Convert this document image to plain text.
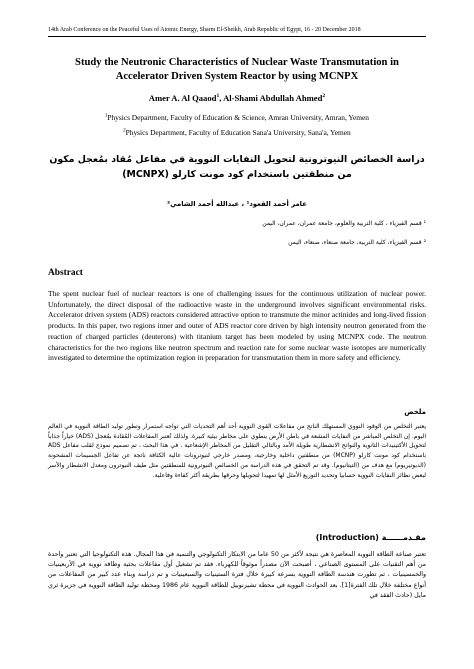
14th Arab Conference on the Peaceful Uses of Atomic Energy, Sharm El-Sheikh, Arab Republic of Egypt, 16 - 20 December 2018
Study the Neutronic Characteristics of Nuclear Waste Transmutation in Accelerator Driven System Reactor by using MCNPX
Amer A. Al Qaaod$^1$, Al-Shami Abdullah Ahmed$^2$
$^1$Physics Department, Faculty of Education & Science, Amran University, Amran, Yemen
$^2$Physics Department, Faculty of Education Sana'a University, Sana'a, Yemen
دراسة الخصائص النيوترونية لتحويل النفايات النووية في مفاعل مُقاد بمُعجل مكون من منطقتين باستخدام كود مونت كارلو (MCNPX)
عامر أحمد القعود¹ ، عبدالله أحمد الشامي²
¹ قسم الفيزياء ، كلية التربية والعلوم، جامعة عمران، عمران، اليمن
² قسم الفيزياء، كلية التربية، جامعة صنعاء، صنعاء، اليمن
Abstract
The spent nuclear fuel of nuclear reactors is one of challenging issues for the continuous utilization of nuclear power. Unfortunately, the direct disposal of the radioactive waste in the underground involves significant environmental risks. Accelerator driven system (ADS) reactors considered attractive option to transmute the minor actinides and long-lived fission products. In this paper, two regions inner and outer of ADS reactor core driven by high intensity neutron generated from the reaction of charged particles (deuterons) with titanium target has been modeled by using MCNPX code. The neutron characteristics for the two regions like neutron spectrum and reaction rate for some nuclear waste isotopes are numerically investigated to determine the optimization region in preparation for transmutation them in more safety and efficiency.
ملخص
يعتبر التخلص من الوقود النووي المستهلك الناتج من مفاعلات القوى النووية أحد أهم التحديات التي تواجه استمرار وتطور توليد الطاقة النووية في العالم اليوم. إن التخلص المباشر من النفايات المشعة في باطن الأرض ينطوي على مخاطر بيئية كبيرة. ولذلك تُعتبر المفاعلات المُقادة بمُعجل (ADS) خياراً جذاباً لتحويل الأكتينيدات الثانوية والنواتج الانشطارية طويلة الأمد وبالتالي التقليل من المخاطر الإشعاعية . في هذا البحث ، تم تصميم نموذج لقلب مفاعل ADS باستخدام كود مونت كارلو (MCNP) من منطقتين داخلية وخارجية، ومصدر خارجي لنيوترونات عالية الكثافة ناتجة عن تفاعل الجسيمات المشحونة (الديوتيريوم) مع هدف من (التيتانيوم). وقد تم التحقق في هذه الدراسة من الخصائص النيوترونية للمنطقتين مثل طيف النيوترون ومعدل الانشطار والأسر لبعض نظائر النفايات النووية حسابيا وتحديد التوزيع الأمثل لها تمهيدا لتحويلها وحرقها بطريقة أكثر كفاءة وفاعلية.
مقـدمــــــة (Introduction)
تعتبر صناعة الطاقة النووية المعاصرة هي نتيجة لأكثر من 50 عاما من الابتكار التكنولوجي والتنمية في هذا المجال. هذه التكنولوجيا التي تعتبر واحدة من أهم التقنيات على المستوى الصناعي ، أصبحت الآن مصدراً موثوقاً للكهرباء. فقد تم تشغيل أول مفاعلات بحثية وطاقة نووية في الأربعينيات والخمسينيات ، ثم تطورت هندسة الطاقة النووية بسرعة كبيرة خلال فترة الستينيات والسبعينيات و تم دراسة وبناء عدد كبير من المفاعلات من أنواع مختلفة خلال تلك الفترة[1]. بعد الحوادث النووية في محطة تشيرنوبيل للطاقة النووية عام 1986 ومحطة توليد الطاقة النووية في جزيرة ثري مايل (حادث الفقد في
